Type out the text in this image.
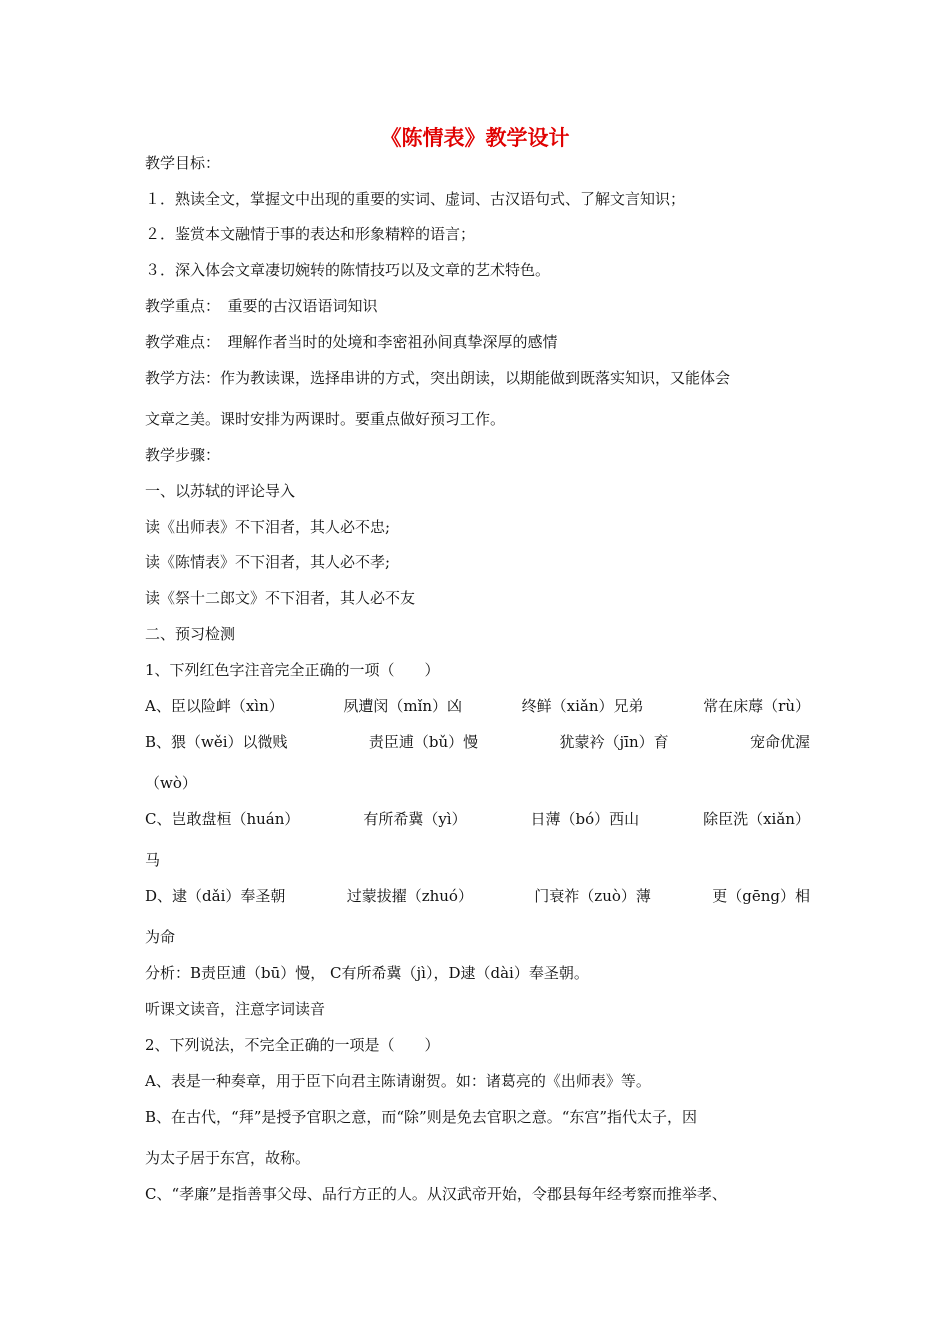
《陈情表》教学设计
教学目标：
１．熟读全文，掌握文中出现的重要的实词、虚词、古汉语句式、了解文言知识；
２．鉴赏本文融情于事的表达和形象精粹的语言；
３．深入体会文章凄切婉转的陈情技巧以及文章的艺术特色。
教学重点：　重要的古汉语语词知识
教学难点：　理解作者当时的处境和李密祖孙间真挚深厚的感情
教学方法：作为教读课，选择串讲的方式，突出朗读，以期能做到既落实知识，又能体会
文章之美。课时安排为两课时。要重点做好预习工作。
教学步骤：
一、以苏轼的评论导入
读《出师表》不下泪者，其人必不忠;
读《陈情表》不下泪者，其人必不孝;
读《祭十二郎文》不下泪者，其人必不友
二、预习检测
1、下列红色字注音完全正确的一项（　　）
A、臣以险衅（xìn）	夙遭闵（mǐn）凶	终鲜（xiǎn）兄弟	常在床蓐（rù）
B、猥（wěi）以微贱	责臣逋（bǔ）慢	犹蒙衿（jīn）育	宠命优渥
（wò）
C、岂敢盘桓（huán）	有所希冀（yì）	日薄（bó）西山	除臣洗（xiǎn）
马
D、逮（dǎi）奉圣朝	过蒙拔擢（zhuó）	门衰祚（zuò）薄	更（gēng）相
为命
分析：B责臣逋（bū）慢， C有所希冀（jì），D逮（dài）奉圣朝。
听课文读音，注意字词读音
2、下列说法，不完全正确的一项是（　　）
A、表是一种奏章，用于臣下向君主陈请谢贺。如：诸葛亮的《出师表》等。
B、在古代，“拜”是授予官职之意，而“除”则是免去官职之意。“东宫”指代太子，因
为太子居于东宫，故称。
C、“孝廉”是指善事父母、品行方正的人。从汉武帝开始，令郡县每年经考察而推举孝、
